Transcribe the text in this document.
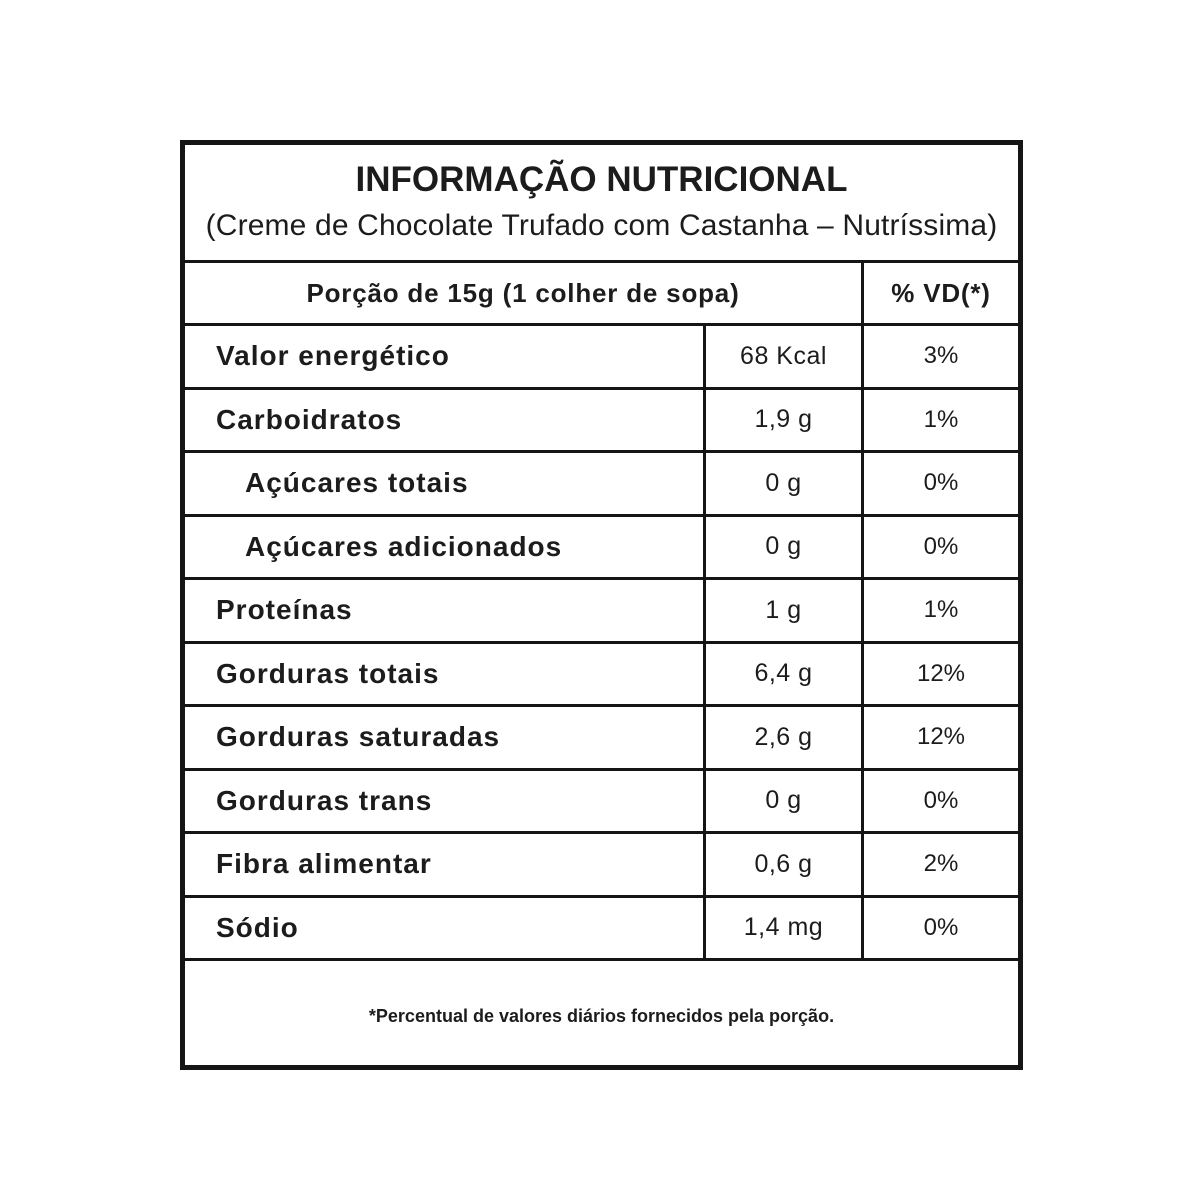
INFORMAÇÃO NUTRICIONAL
(Creme de Chocolate Trufado com Castanha – Nutríssima)
Porção de 15g (1 colher de sopa)	% VD(*)
Valor energético	68 Kcal	3%
Carboidratos	1,9 g	1%
Açúcares totais	0 g	0%
Açúcares adicionados	0 g	0%
Proteínas	1 g	1%
Gorduras totais	6,4 g	12%
Gorduras saturadas	2,6 g	12%
Gorduras trans	0 g	0%
Fibra alimentar	0,6 g	2%
Sódio	1,4 mg	0%
*Percentual de valores diários fornecidos pela porção.
